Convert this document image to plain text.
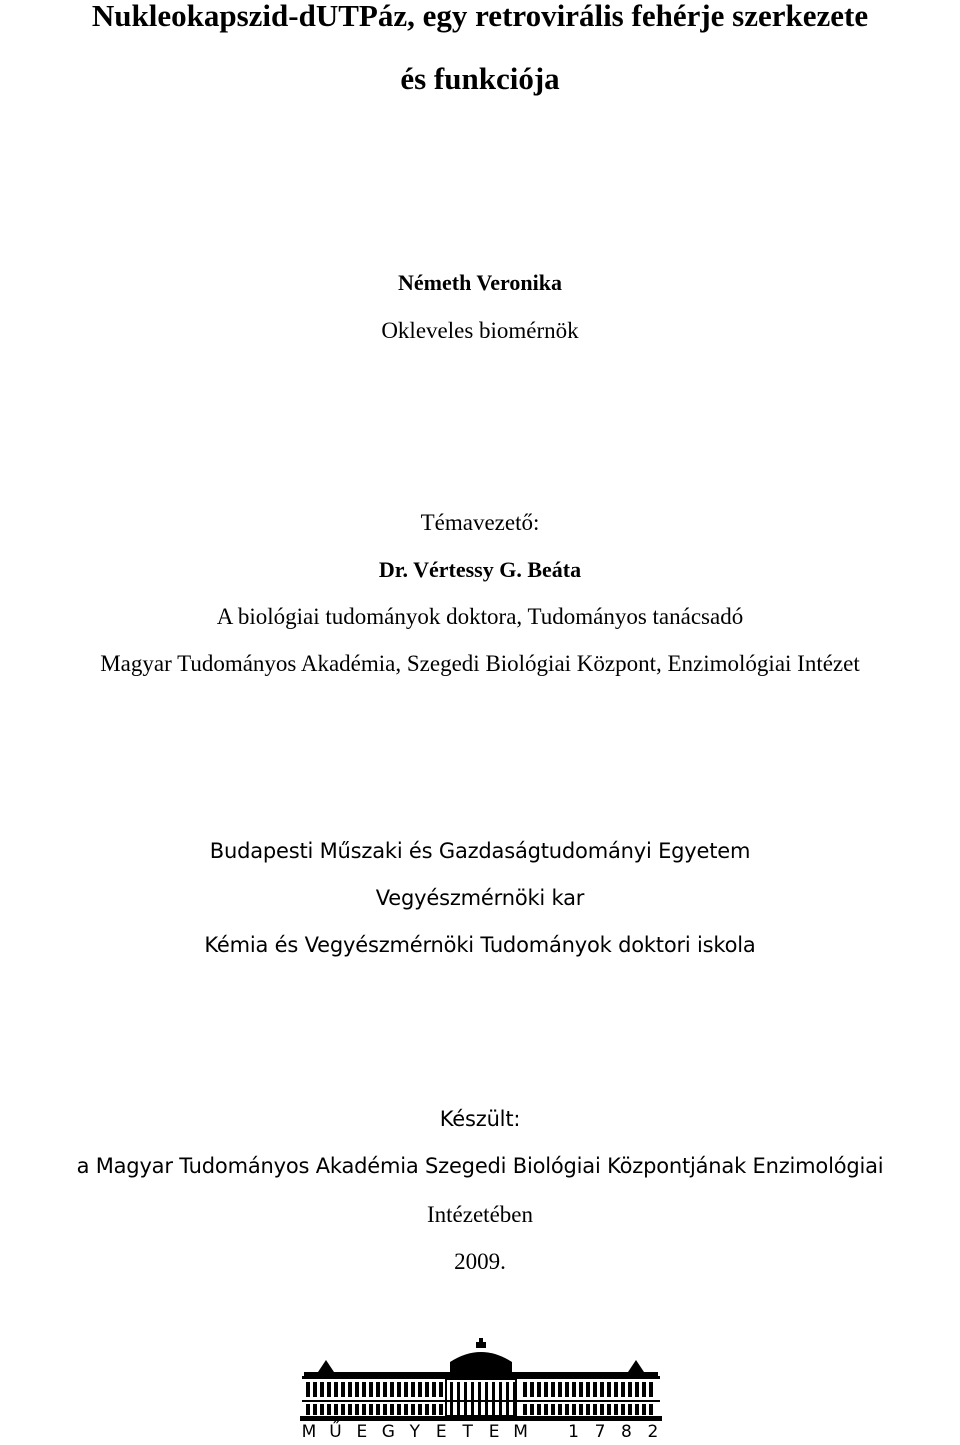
Nukleokapszid-dUTPáz, egy retrovirális fehérje szerkezete
és funkciója
Németh Veronika
Okleveles biomérnök
Témavezető:
Dr. Vértessy G. Beáta
A biológiai tudományok doktora, Tudományos tanácsadó
Magyar Tudományos Akadémia, Szegedi Biológiai Központ, Enzimológiai Intézet
Budapesti Műszaki és Gazdaságtudományi Egyetem
Vegyészmérnöki kar
Kémia és Vegyészmérnöki Tudományok doktori iskola
Készült:
a Magyar Tudományos Akadémia Szegedi Biológiai Központjának Enzimológiai
Intézetében
2009.
M Ű E G Y E T E M
1 7 8 2
